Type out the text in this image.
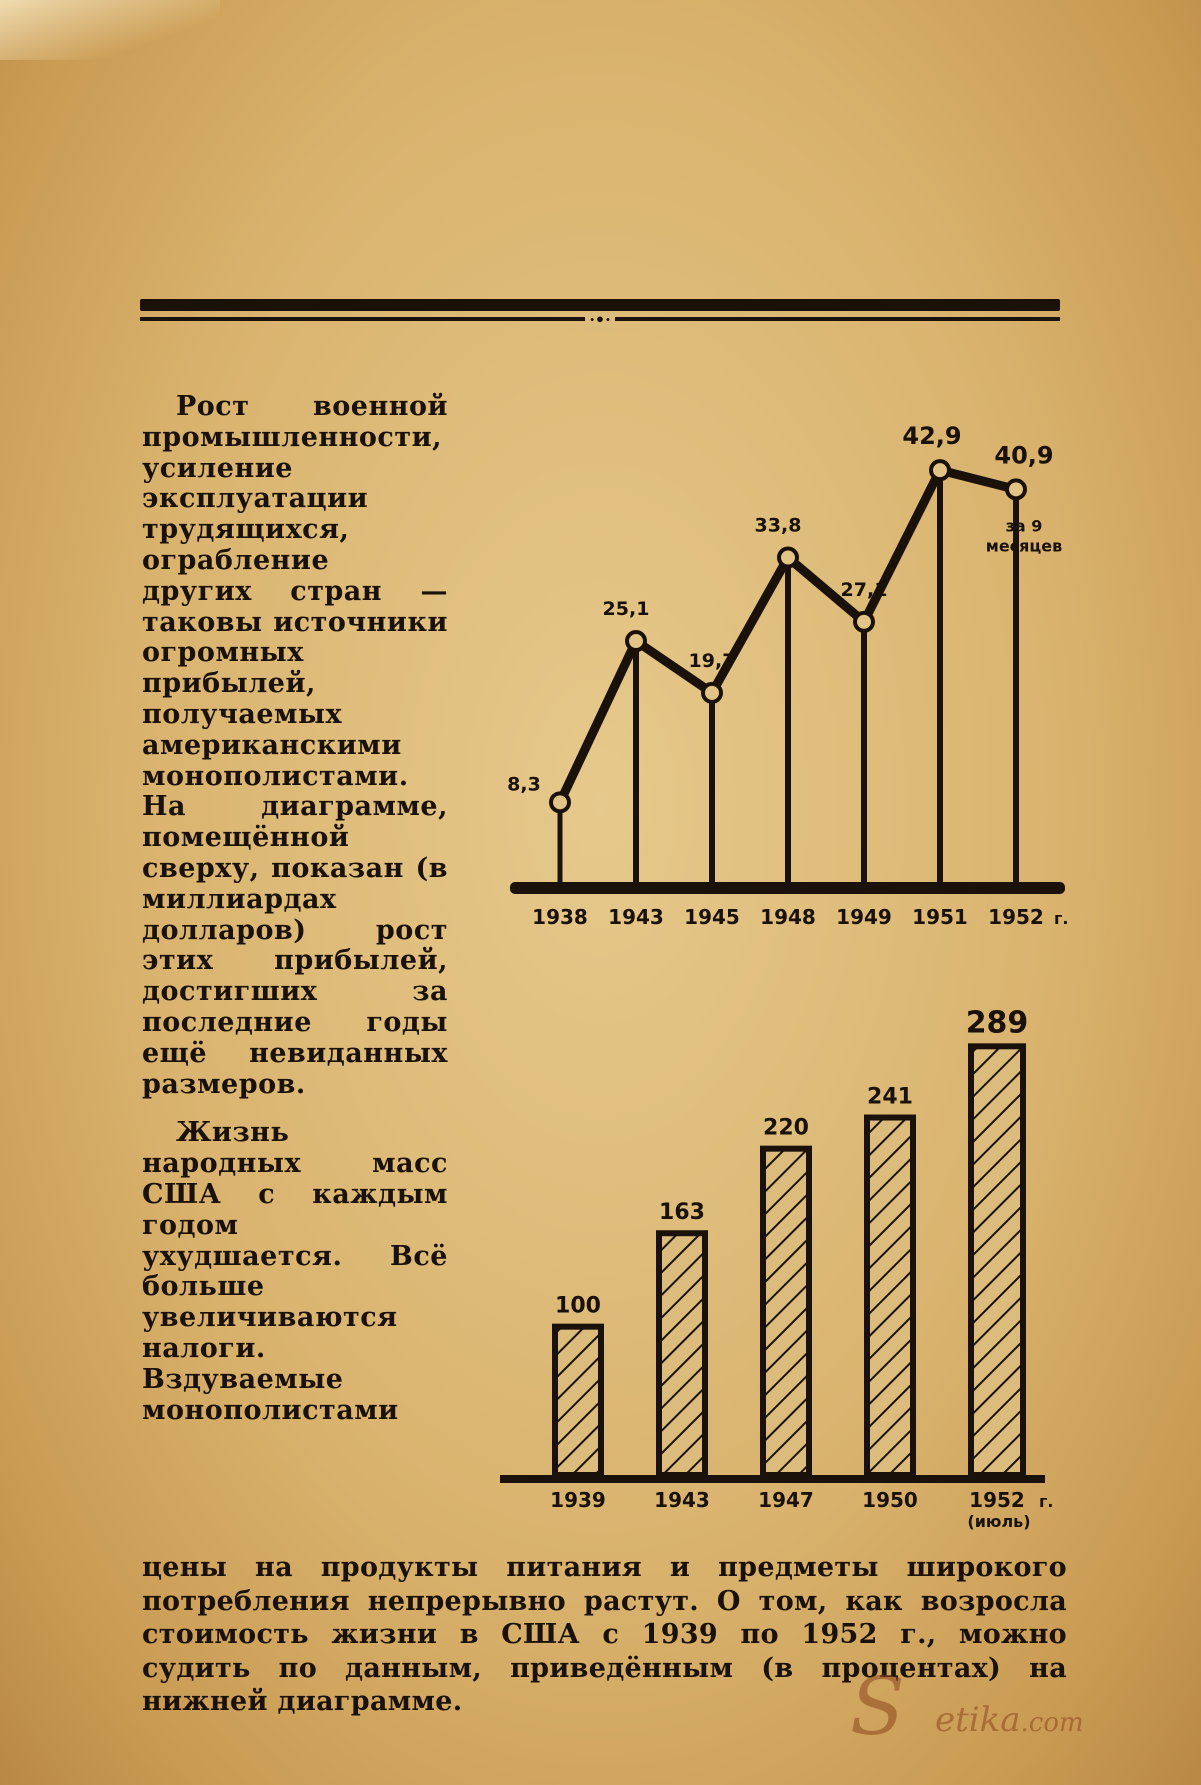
·•·

Рост военной промышленности, усиление эксплуатации трудящихся, ограбление других стран — таковы источники огромных прибылей, получаемых американскими монополистами. На диаграмме, помещённой сверху, показан (в миллиардах долларов) рост этих прибылей, достигших за последние годы ещё невиданных размеров.

Жизнь народных масс США с каждым годом ухудшается. Всё больше увеличиваются налоги. Вздуваемые монополистами

8,3
1938
25,1
1943
19,7
1945
33,8
1948
27,1
1949
42,9
1951
40,9
1952 г.
за 9
месяцев
100
1939
163
1943
220
1947
241
1950
289
1952
(июль)
г.
цены на продукты питания и предметы широкого потребления непрерывно растут. О том, как возросла стоимость жизни в США с 1939 по 1952 г., можно судить по данным, приведённым (в процентах) на нижней диаграмме.	S etika.com
